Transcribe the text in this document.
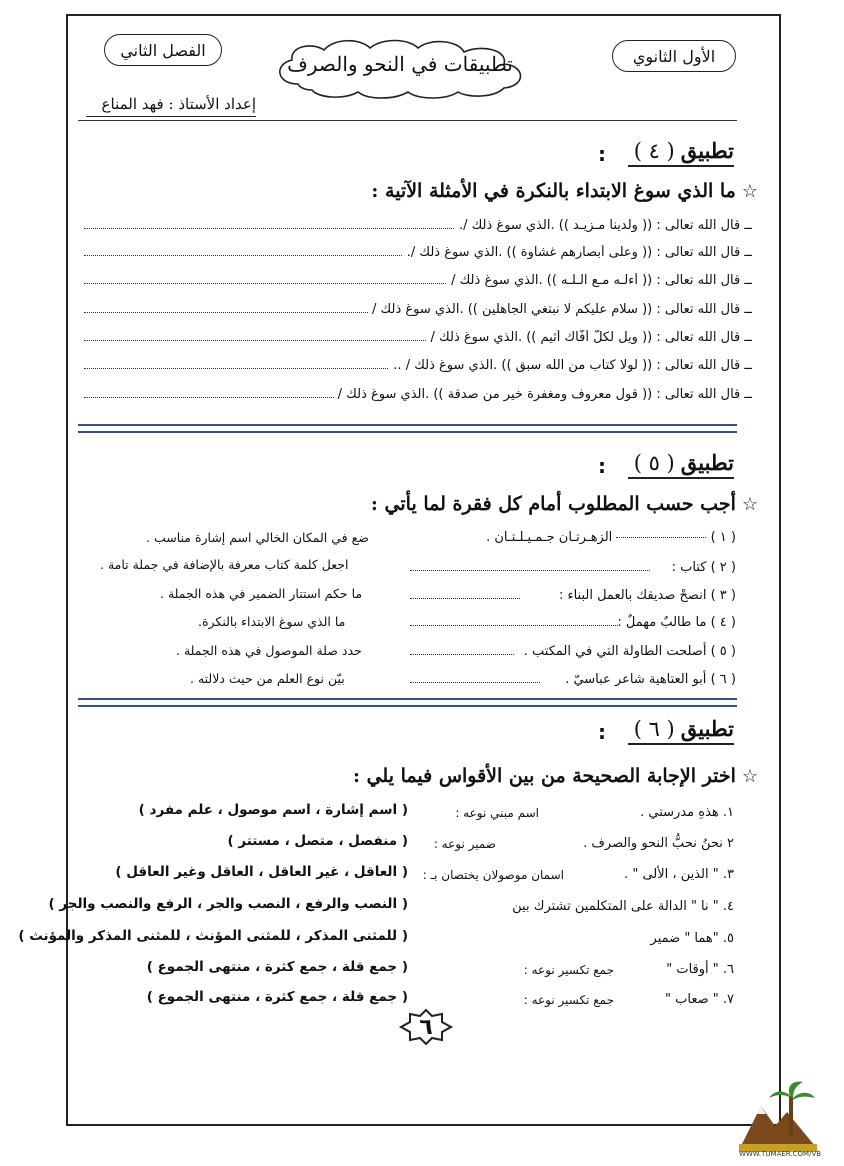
الأول الثانوي
الفصل الثاني
تطبيقات في النحو والصرف
إعداد الأستاذ : فهد المناع
تطبيق( ٤ )
:
☆ما الذي سوغ الابتداء بالنكرة في الأمثلة الآتية :
ــ قال الله تعالى : (( ولدينا مـزيـد )) .الذي سوغ ذلك /.
ــ قال الله تعالى : (( وعلى أبصارهم غشاوة )) .الذي سوغ ذلك /.
ــ قال الله تعالى : (( أءلـه مـع الـلـه )) .الذي سوغ ذلك /
ــ قال الله تعالى : (( سلام عليكم لا نبتغي الجاهلين )) .الذي سوغ ذلك /
ــ قال الله تعالى : (( ويل لكلّ أفّاك أثيم )) .الذي سوغ ذلك /
ــ قال الله تعالى : (( لولا كتاب من الله سبق )) .الذي سوغ ذلك / ..
ــ قال الله تعالى : (( قول معروف ومغفرة خير من صدقة )) .الذي سوغ ذلك /
تطبيق( ٥ )
:
☆أجب حسب المطلوب أمام كل فقرة لما يأتي :
( ١ )  الزهـرتـان جـمـيـلـتـان .
ضع في المكان الخالي اسم إشارة مناسب .
( ٢ ) كتاب :
اجعل كلمة كتاب معرفة بالإضافة في جملة تامة .
( ٣ ) انصحْ صديقك بالعمل البناء :
ما حكم استتار الضمير في هذه الجملة .
( ٤ ) ما طالبٌ مهملٌ :
ما الذي سوغ الابتداء بالنكرة.
( ٥ ) أصلحت الطاولة التي في المكتب .
حدد صلة الموصول في هذه الجملة .
( ٦ ) أبو العتاهية شاعر عباسيّ .
بيّن نوع العلم من حيث دلالته .
تطبيق( ٦ )
:
☆اختر الإجابة الصحيحة من بين الأقواس فيما يلي :
١. هذهِ مدرستي .
اسم مبني نوعه :
( اسم إشارة ، اسم موصول ، علم مفرد )
٢ نحنُ نحبُّ النحو والصرف .
ضمير نوعه :
( منفصل ، متصل ، مستتر )
٣. " الذين ، الألى " .
اسمان موصولان يختصان بـ :
( العاقل ، غير العاقل ، العاقل وغير العاقل )
٤. " نا " الدالة على المتكلمين تشترك بين
( النصب والرفع ، النصب والجر ، الرفع والنصب والجر )
٥. "هما " ضمير
( للمثنى المذكر ، للمثنى المؤنث ، للمثنى المذكر والمؤنث )
٦. " أوقات "
جمع تكسير نوعه :
( جمع قلة ، جمع كثرة ، منتهى الجموع )
٧. " صعاب "
جمع تكسير نوعه :
( جمع قلة ، جمع كثرة ، منتهى الجموع )
٦
WWW.TUMAER.COM/VB
